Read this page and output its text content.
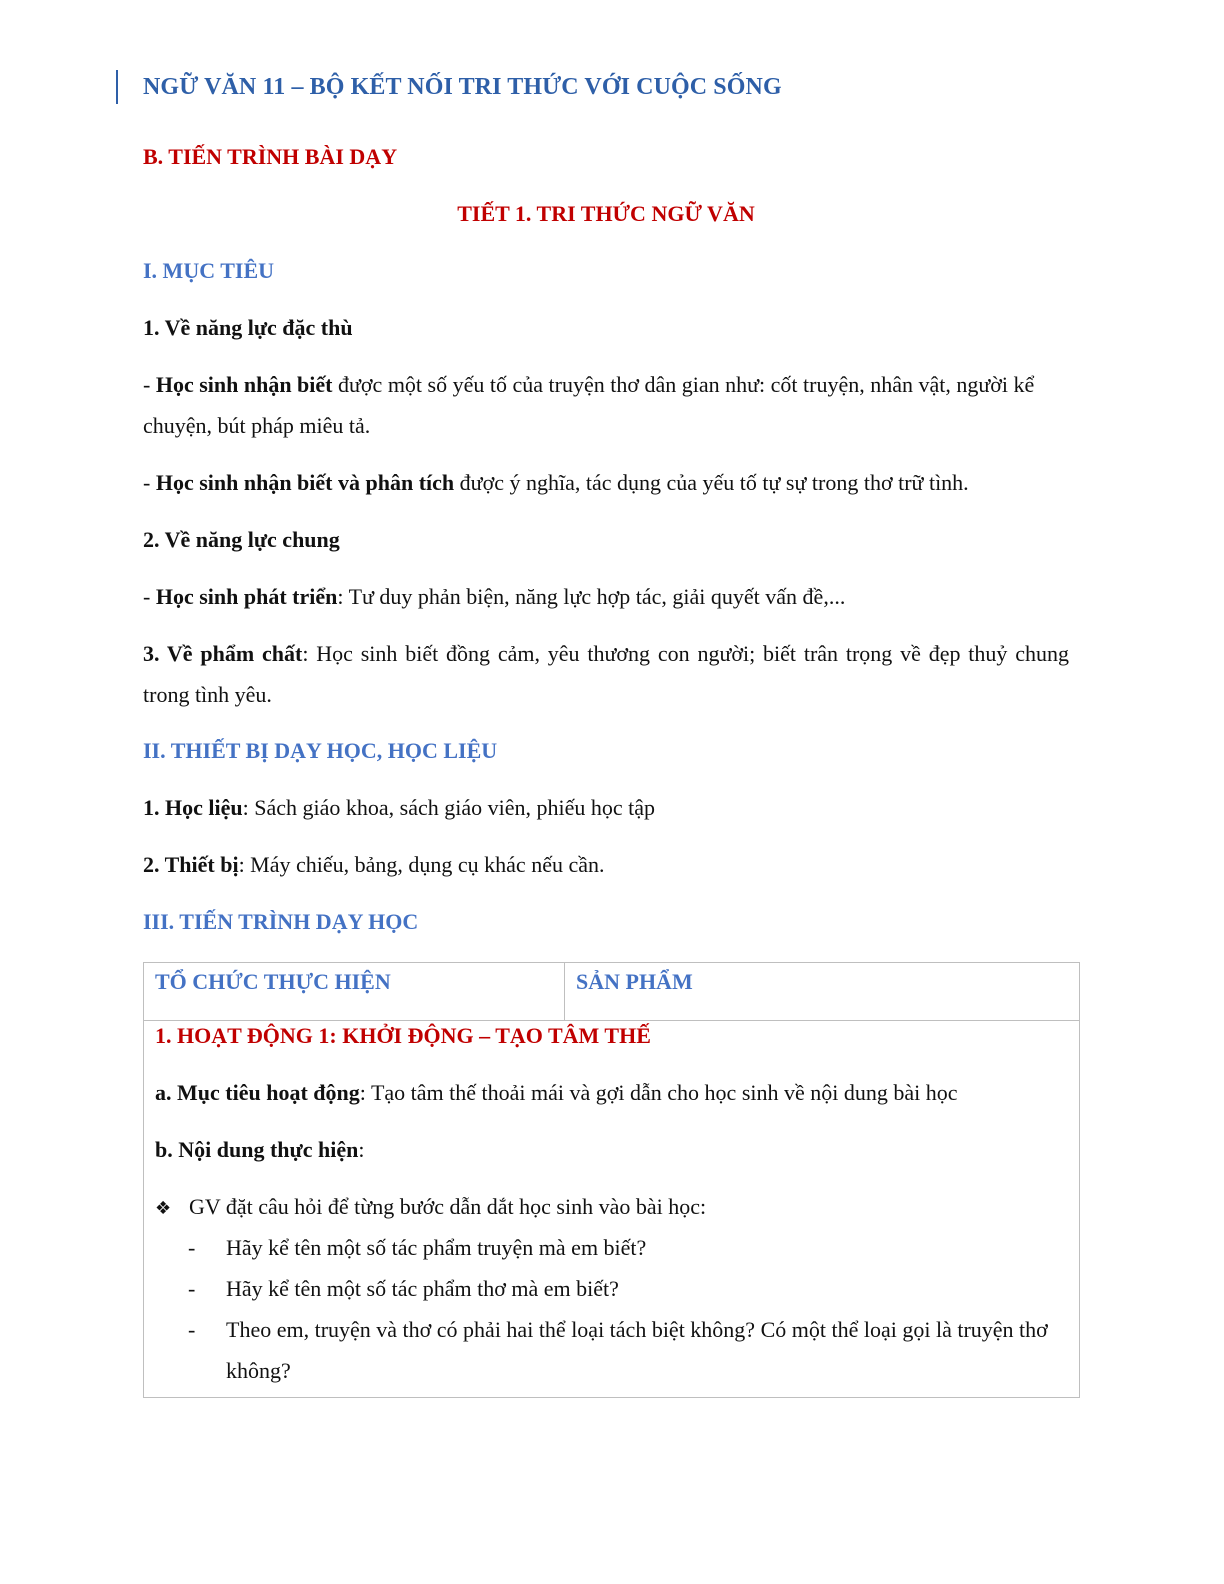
NGỮ VĂN 11 – BỘ KẾT NỐI TRI THỨC VỚI CUỘC SỐNG
B. TIẾN TRÌNH BÀI DẠY
TIẾT 1. TRI THỨC NGỮ VĂN
I. MỤC TIÊU
1. Về năng lực đặc thù
- Học sinh nhận biết được một số yếu tố của truyện thơ dân gian như: cốt truyện, nhân vật, người kể chuyện, bút pháp miêu tả.
- Học sinh nhận biết và phân tích được ý nghĩa, tác dụng của yếu tố tự sự trong thơ trữ tình.
2. Về năng lực chung
- Học sinh phát triển: Tư duy phản biện, năng lực hợp tác, giải quyết vấn đề,...
3. Về phẩm chất: Học sinh biết đồng cảm, yêu thương con người; biết trân trọng về đẹp thuỷ chung trong tình yêu.
II. THIẾT BỊ DẠY HỌC, HỌC LIỆU
1. Học liệu: Sách giáo khoa, sách giáo viên, phiếu học tập
2. Thiết bị: Máy chiếu, bảng, dụng cụ khác nếu cần.
III. TIẾN TRÌNH DẠY HỌC
TỔ CHỨC THỰC HIỆN	SẢN PHẨM

1. HOẠT ĐỘNG 1: KHỞI ĐỘNG – TẠO TÂM THẾ
a. Mục tiêu hoạt động: Tạo tâm thế thoải mái và gợi dẫn cho học sinh về nội dung bài học
b. Nội dung thực hiện:
❖ GV đặt câu hỏi để từng bước dẫn dắt học sinh vào bài học:
- Hãy kể tên một số tác phẩm truyện mà em biết?
- Hãy kể tên một số tác phẩm thơ mà em biết?
- Theo em, truyện và thơ có phải hai thể loại tách biệt không? Có một thể loại gọi là truyện thơ không?
